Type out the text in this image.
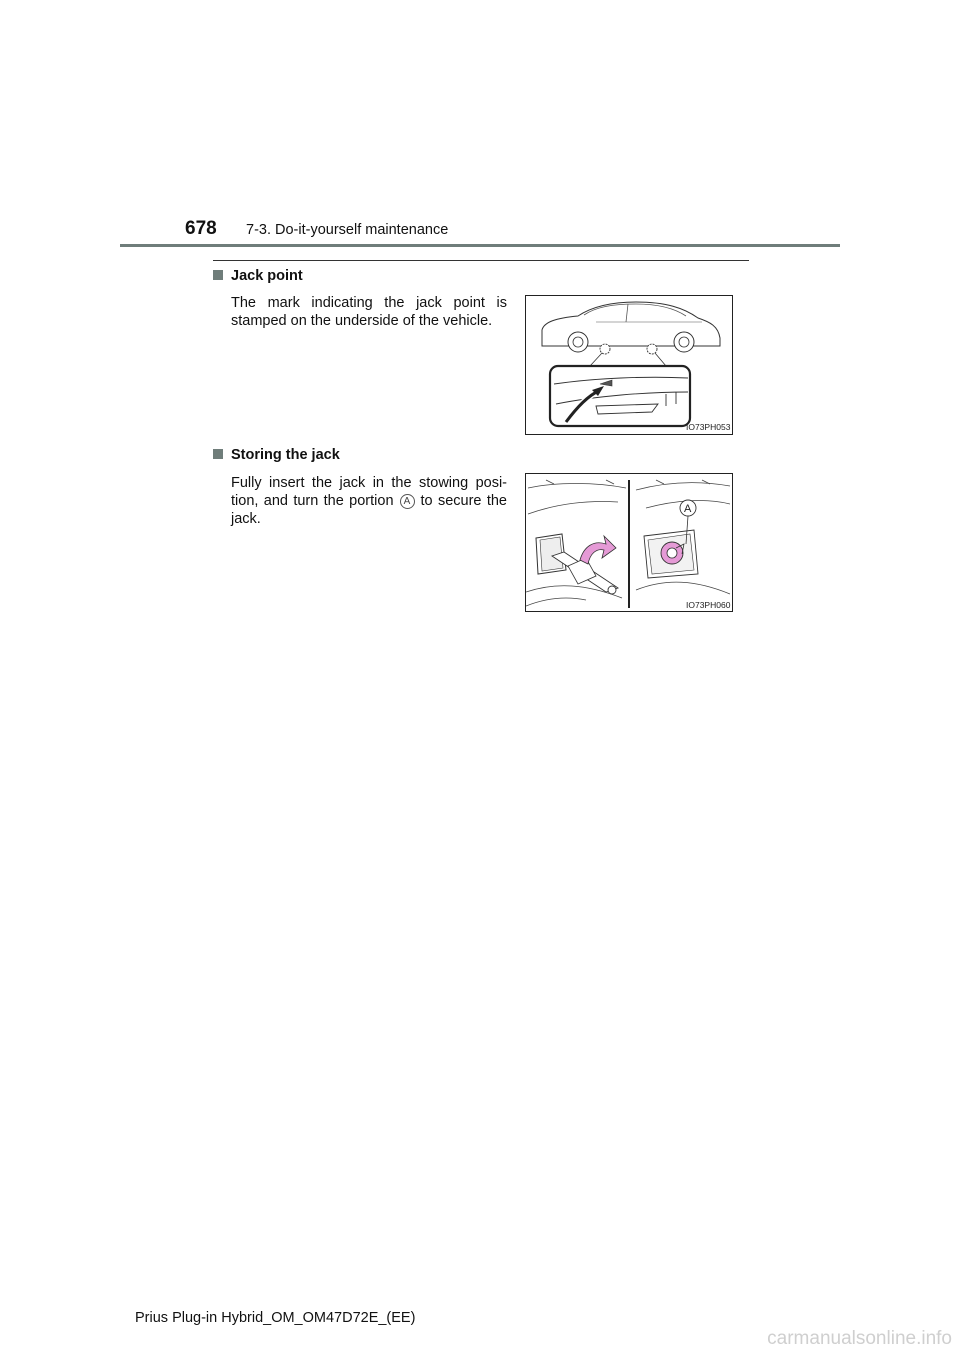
678 7-3. Do-it-yourself maintenance
Jack point
The mark indicating the jack point is stamped on the underside of the vehicle.
IO73PH053
Storing the jack
Fully insert the jack in the stowing posi-tion, and turn the portion A to secure the jack.
A
IO73PH060
Prius Plug-in Hybrid_OM_OM47D72E_(EE)
carmanualsonline.info
